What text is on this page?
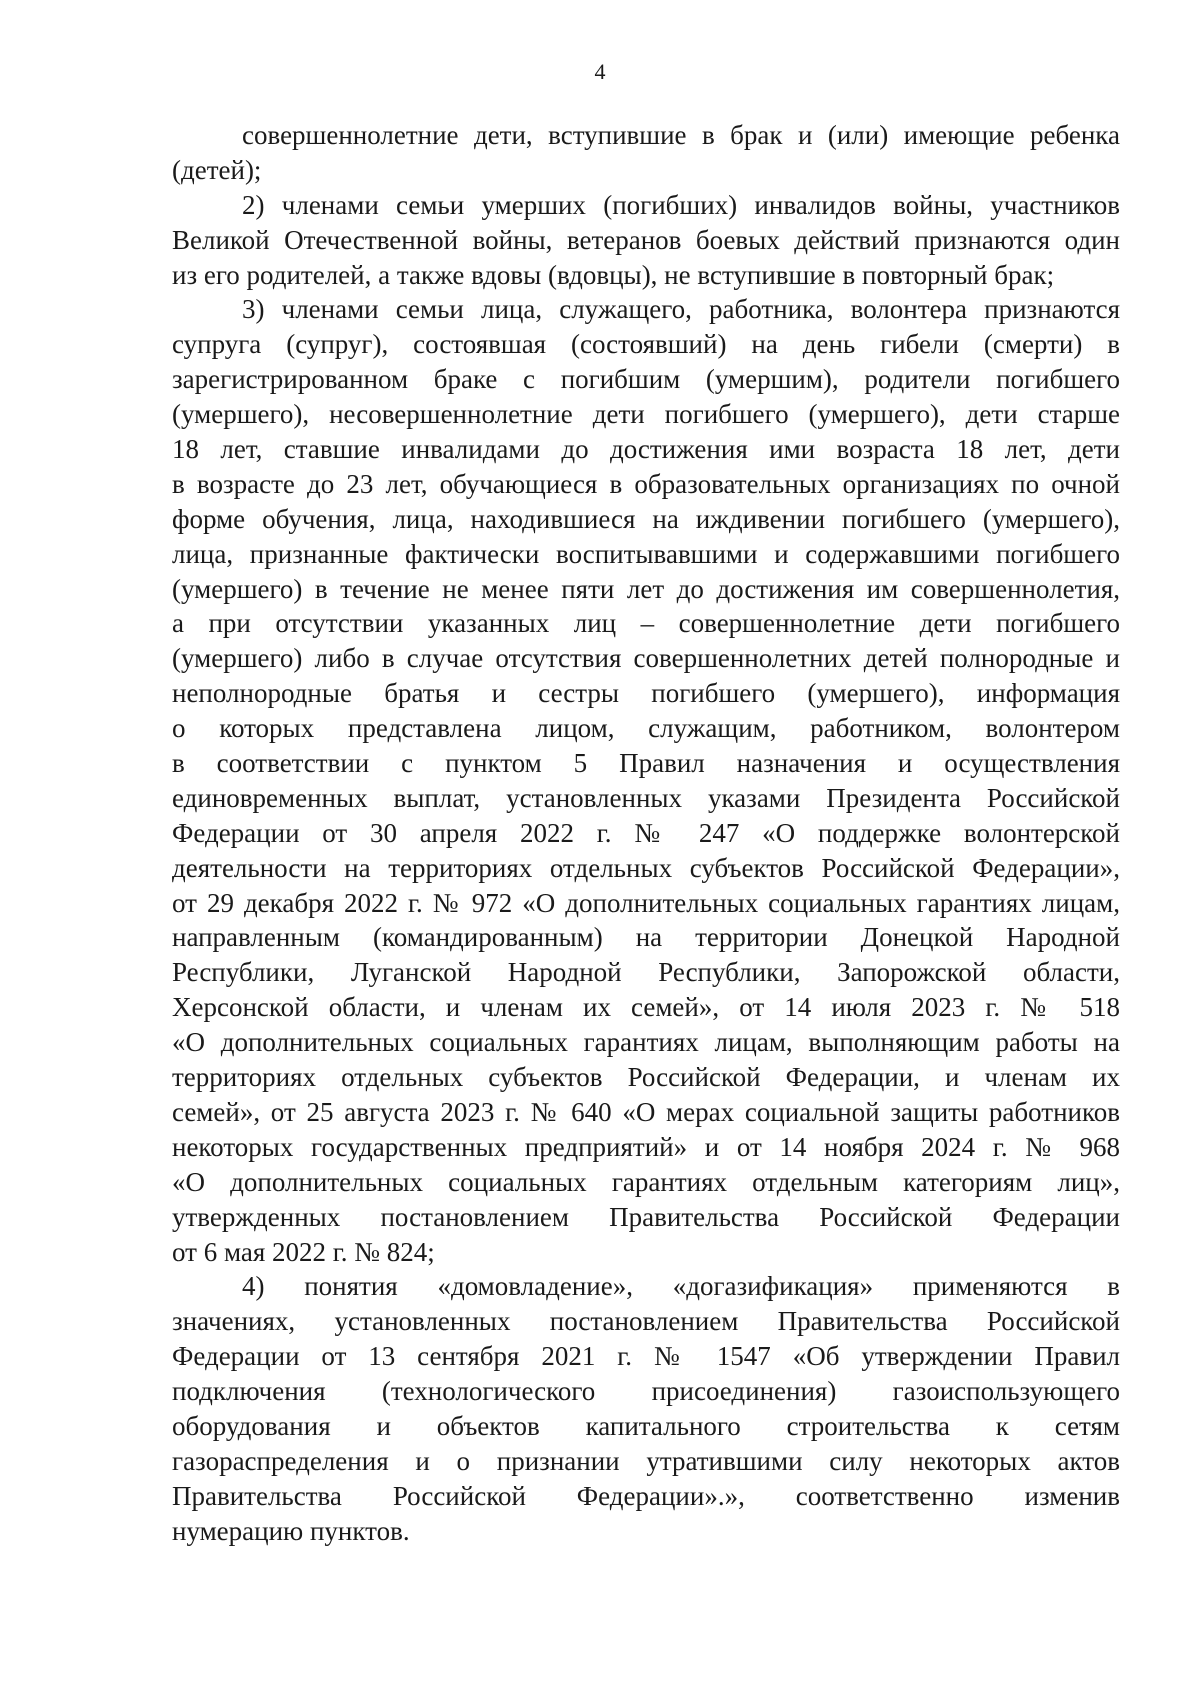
4
совершеннолетние дети, вступившие в брак и (или) имеющие ребенка
(детей);
2) членами семьи умерших (погибших) инвалидов войны, участников
Великой Отечественной войны, ветеранов боевых действий признаются один
из его родителей, а также вдовы (вдовцы), не вступившие в повторный брак;
3) членами семьи лица, служащего, работника, волонтера признаются
супруга (супруг), состоявшая (состоявший) на день гибели (смерти) в
зарегистрированном браке с погибшим (умершим), родители погибшего
(умершего), несовершеннолетние дети погибшего (умершего), дети старше
18 лет, ставшие инвалидами до достижения ими возраста 18 лет, дети
в возрасте до 23 лет, обучающиеся в образовательных организациях по очной
форме обучения, лица, находившиеся на иждивении погибшего (умершего),
лица, признанные фактически воспитывавшими и содержавшими погибшего
(умершего) в течение не менее пяти лет до достижения им совершеннолетия,
а при отсутствии указанных лиц – совершеннолетние дети погибшего
(умершего) либо в случае отсутствия совершеннолетних детей полнородные и
неполнородные братья и сестры погибшего (умершего), информация
о которых представлена лицом, служащим, работником, волонтером
в соответствии с пунктом 5 Правил назначения и осуществления
единовременных выплат, установленных указами Президента Российской
Федерации от 30 апреля 2022 г. № 247 «О поддержке волонтерской
деятельности на территориях отдельных субъектов Российской Федерации»,
от 29 декабря 2022 г. № 972 «О дополнительных социальных гарантиях лицам,
направленным (командированным) на территории Донецкой Народной
Республики, Луганской Народной Республики, Запорожской области,
Херсонской области, и членам их семей», от 14 июля 2023 г. № 518
«О дополнительных социальных гарантиях лицам, выполняющим работы на
территориях отдельных субъектов Российской Федерации, и членам их
семей», от 25 августа 2023 г. № 640 «О мерах социальной защиты работников
некоторых государственных предприятий» и от 14 ноября 2024 г. № 968
«О дополнительных социальных гарантиях отдельным категориям лиц»,
утвержденных постановлением Правительства Российской Федерации
от 6 мая 2022 г. № 824;
4) понятия «домовладение», «догазификация» применяются в
значениях, установленных постановлением Правительства Российской
Федерации от 13 сентября 2021 г. № 1547 «Об утверждении Правил
подключения (технологического присоединения) газоиспользующего
оборудования и объектов капитального строительства к сетям
газораспределения и о признании утратившими силу некоторых актов
Правительства Российской Федерации».», соответственно изменив
нумерацию пунктов.
